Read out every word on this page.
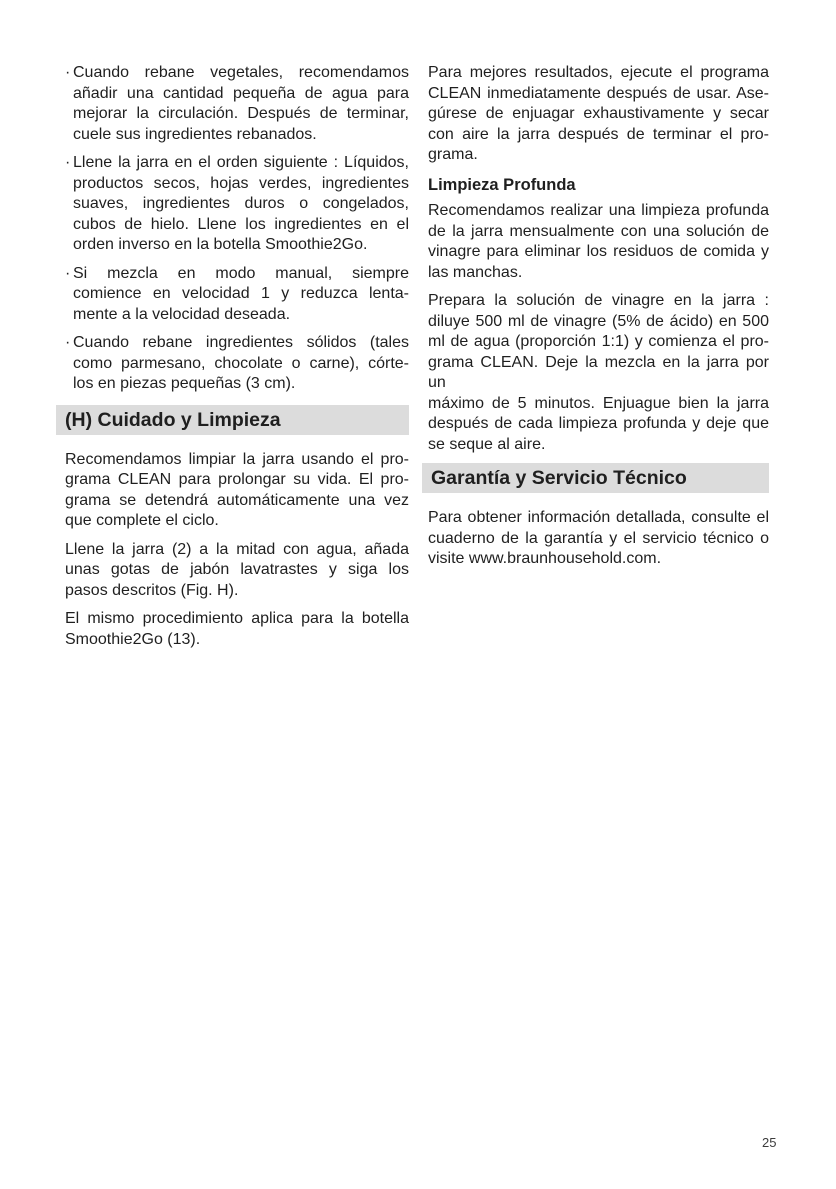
· Cuando rebane vegetales, recomendamos
añadir una cantidad pequeña de agua para
mejorar la circulación. Después de terminar,
cuele sus ingredientes rebanados.
· Llene la jarra en el orden siguiente : Líquidos,
productos secos, hojas verdes, ingredientes
suaves, ingredientes duros o congelados,
cubos de hielo. Llene los ingredientes en el
orden inverso en la botella Smoothie2Go.
· Si mezcla en modo manual, siempre
comience en velocidad 1 y reduzca lenta-
mente a la velocidad deseada.
· Cuando rebane ingredientes sólidos (tales
como parmesano, chocolate o carne), córte-
los en piezas pequeñas (3 cm).
(H) Cuidado y Limpieza
Recomendamos limpiar la jarra usando el pro-
grama CLEAN para prolongar su vida. El pro-
grama se detendrá automáticamente una vez
que complete el ciclo.
Llene la jarra (2) a la mitad con agua, añada
unas gotas de jabón lavatrastes y siga los
pasos descritos (Fig. H).
El mismo procedimiento aplica para la botella
Smoothie2Go (13).
Para mejores resultados, ejecute el programa
CLEAN inmediatamente después de usar. Ase-
gúrese de enjuagar exhaustivamente y secar
con aire la jarra después de terminar el pro-
grama.
Limpieza Profunda
Recomendamos realizar una limpieza profunda
de la jarra mensualmente con una solución de
vinagre para eliminar los residuos de comida y
las manchas.
Prepara la solución de vinagre en la jarra :
diluye 500 ml de vinagre (5% de ácido) en 500
ml de agua (proporción 1:1) y comienza el pro-
grama CLEAN. Deje la mezcla en la jarra por un
máximo de 5 minutos. Enjuague bien la jarra
después de cada limpieza profunda y deje que
se seque al aire.
Garantía y Servicio Técnico
Para obtener información detallada, consulte el
cuaderno de la garantía y el servicio técnico o
visite www.braunhousehold.com.
25
